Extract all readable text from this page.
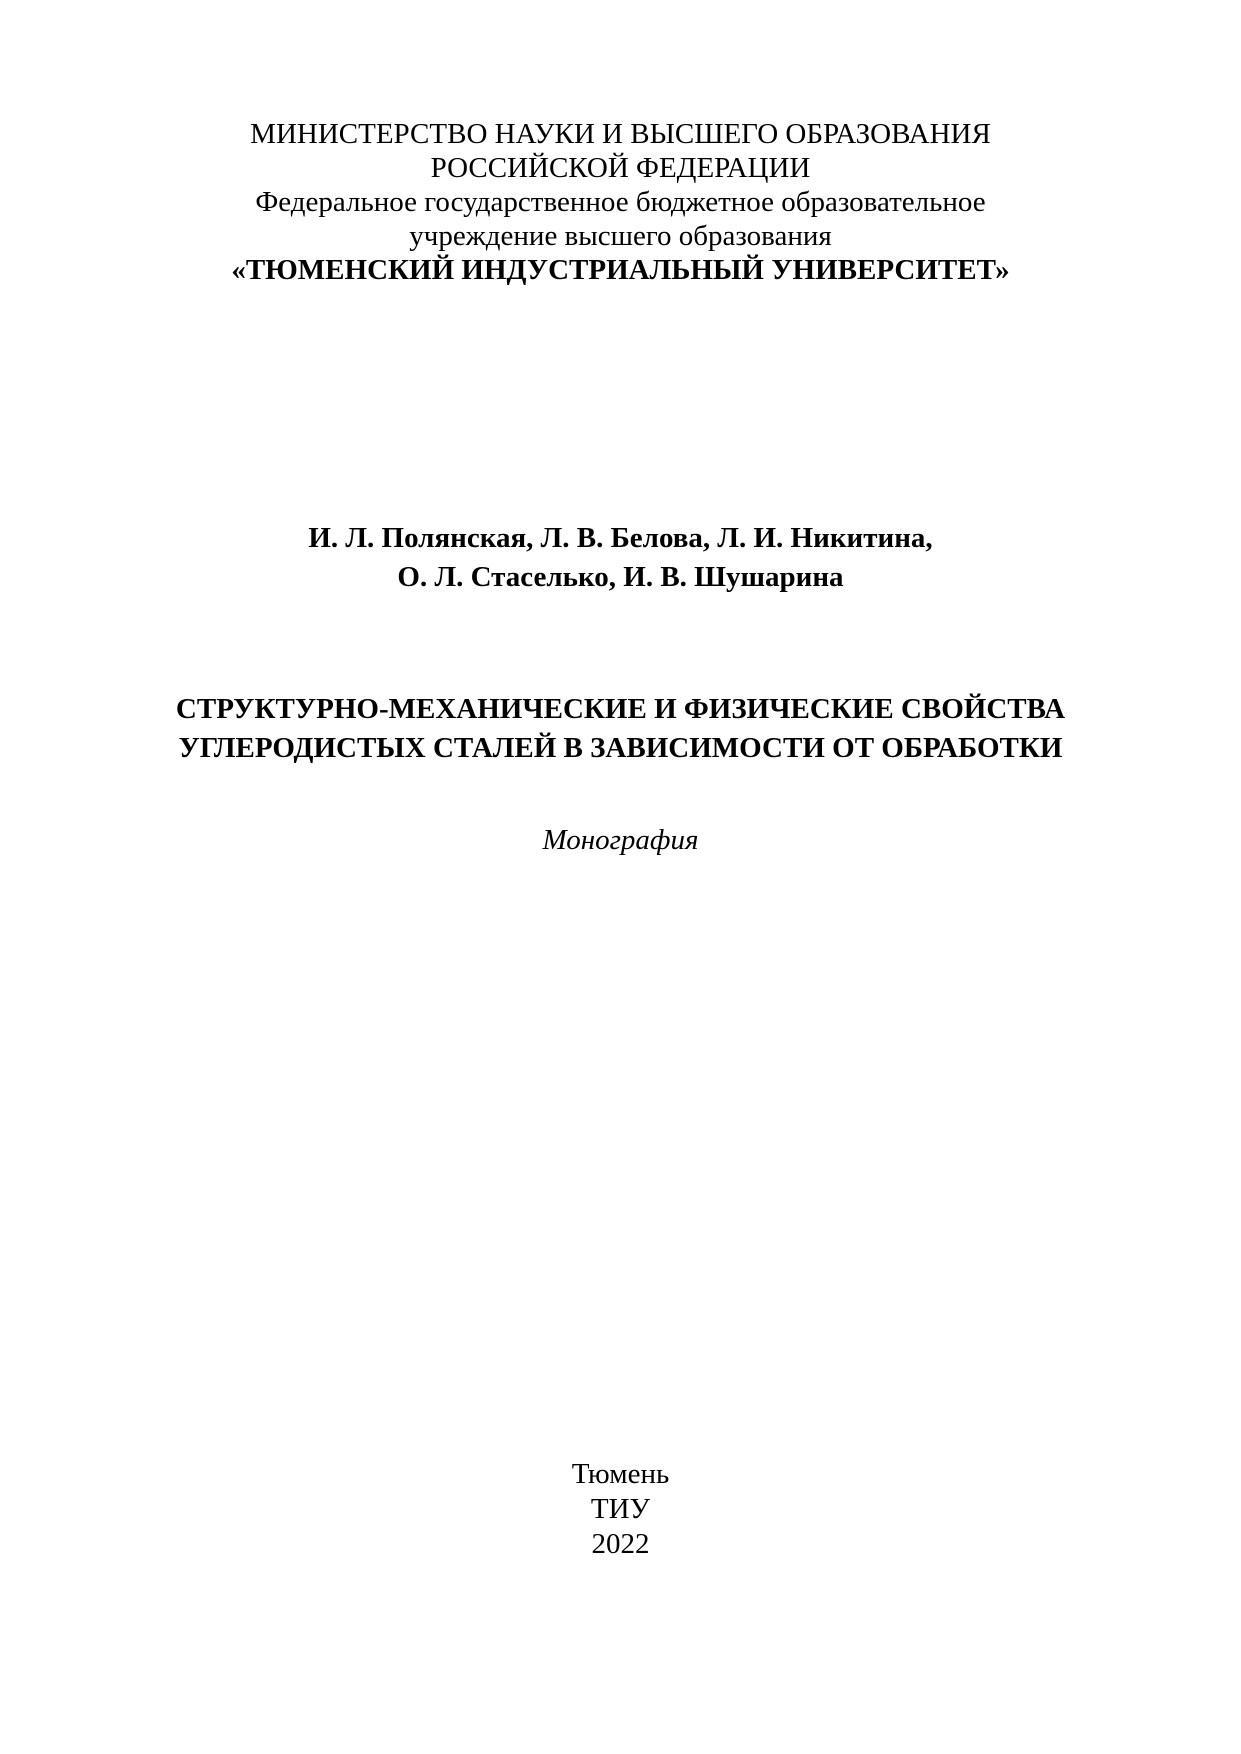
МИНИСТЕРСТВО НАУКИ И ВЫСШЕГО ОБРАЗОВАНИЯ
РОССИЙСКОЙ ФЕДЕРАЦИИ
Федеральное государственное бюджетное образовательное
учреждение высшего образования
«ТЮМЕНСКИЙ ИНДУСТРИАЛЬНЫЙ УНИВЕРСИТЕТ»
И. Л. Полянская, Л. В. Белова, Л. И. Никитина,
О. Л. Стаселько, И. В. Шушарина
СТРУКТУРНО-МЕХАНИЧЕСКИЕ И ФИЗИЧЕСКИЕ СВОЙСТВА
УГЛЕРОДИСТЫХ СТАЛЕЙ В ЗАВИСИМОСТИ ОТ ОБРАБОТКИ
Монография
Тюмень
ТИУ
2022
